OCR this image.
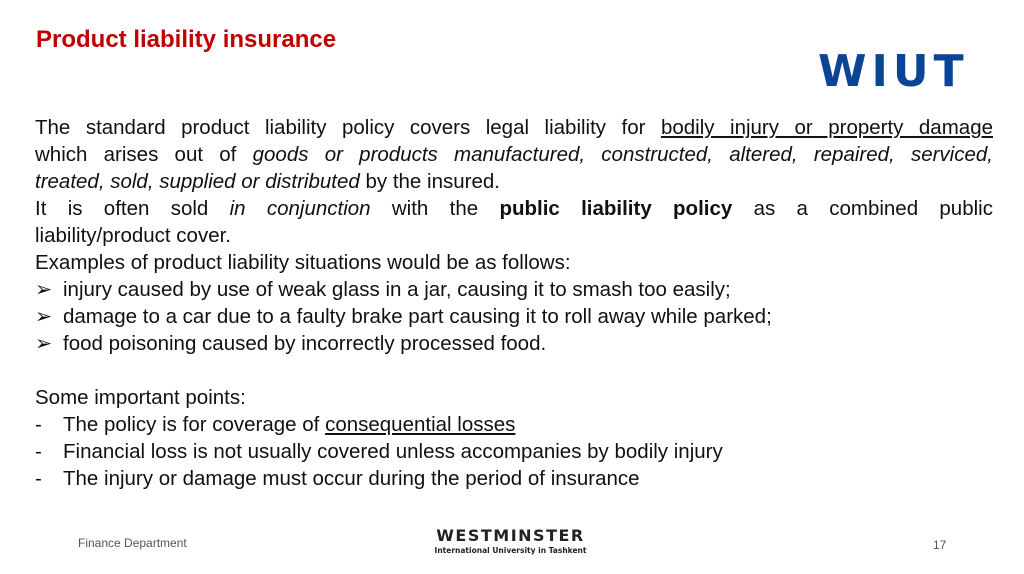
Product liability insurance
WIUT
The standard product liability policy covers legal liability for bodily injury or property damage
which arises out of goods or products manufactured, constructed, altered, repaired, serviced,
treated, sold, supplied or distributed by the insured.
It is often sold in conjunction with the public liability policy as a combined public
liability/product cover.
Examples of product liability situations would be as follows:
➢ injury caused by use of weak glass in a jar, causing it to smash too easily;
➢ damage to a car due to a faulty brake part causing it to roll away while parked;
➢ food poisoning caused by incorrectly processed food.
Some important points:
- The policy is for coverage of consequential losses
- Financial loss is not usually covered unless accompanies by bodily injury
- The injury or damage must occur during the period of insurance
Finance Department	WESTMINSTER
International University in Tashkent	17
